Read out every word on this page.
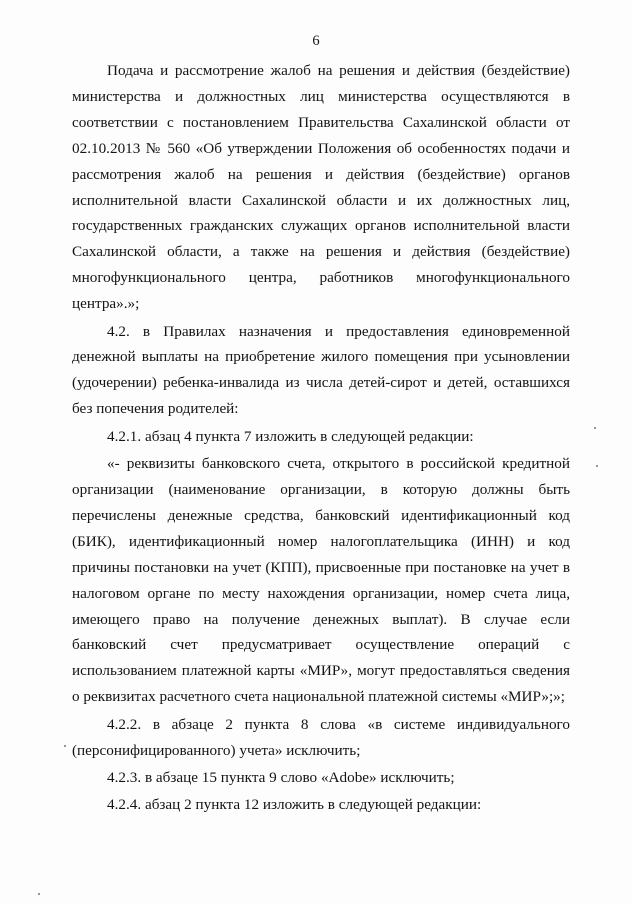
6

Подача и рассмотрение жалоб на решения и действия (бездействие) министерства и должностных лиц министерства осуществляются в соответствии с постановлением Правительства Сахалинской области от 02.10.2013 № 560 «Об утверждении Положения об особенностях подачи и рассмотрения жалоб на решения и действия (бездействие) органов исполнительной власти Сахалинской области и их должностных лиц, государственных гражданских служащих органов исполнительной власти Сахалинской области, а также на решения и действия (бездействие) многофункционального центра, работников многофункционального центра».»;

4.2. в Правилах назначения и предоставления единовременной денежной выплаты на приобретение жилого помещения при усыновлении (удочерении) ребенка-инвалида из числа детей-сирот и детей, оставшихся без попечения родителей:

4.2.1. абзац 4 пункта 7 изложить в следующей редакции:

«- реквизиты банковского счета, открытого в российской кредитной организации (наименование организации, в которую должны быть перечислены денежные средства, банковский идентификационный код (БИК), идентификационный номер налогоплательщика (ИНН) и код причины постановки на учет (КПП), присвоенные при постановке на учет в налоговом органе по месту нахождения организации, номер счета лица, имеющего право на получение денежных выплат). В случае если банковский счет предусматривает осуществление операций с использованием платежной карты «МИР», могут предоставляться сведения о реквизитах расчетного счета национальной платежной системы «МИР»;»;

4.2.2. в абзаце 2 пункта 8 слова «в системе индивидуального (персонифицированного) учета» исключить;

4.2.3. в абзаце 15 пункта 9 слово «Adobe» исключить;

4.2.4. абзац 2 пункта 12 изложить в следующей редакции:
